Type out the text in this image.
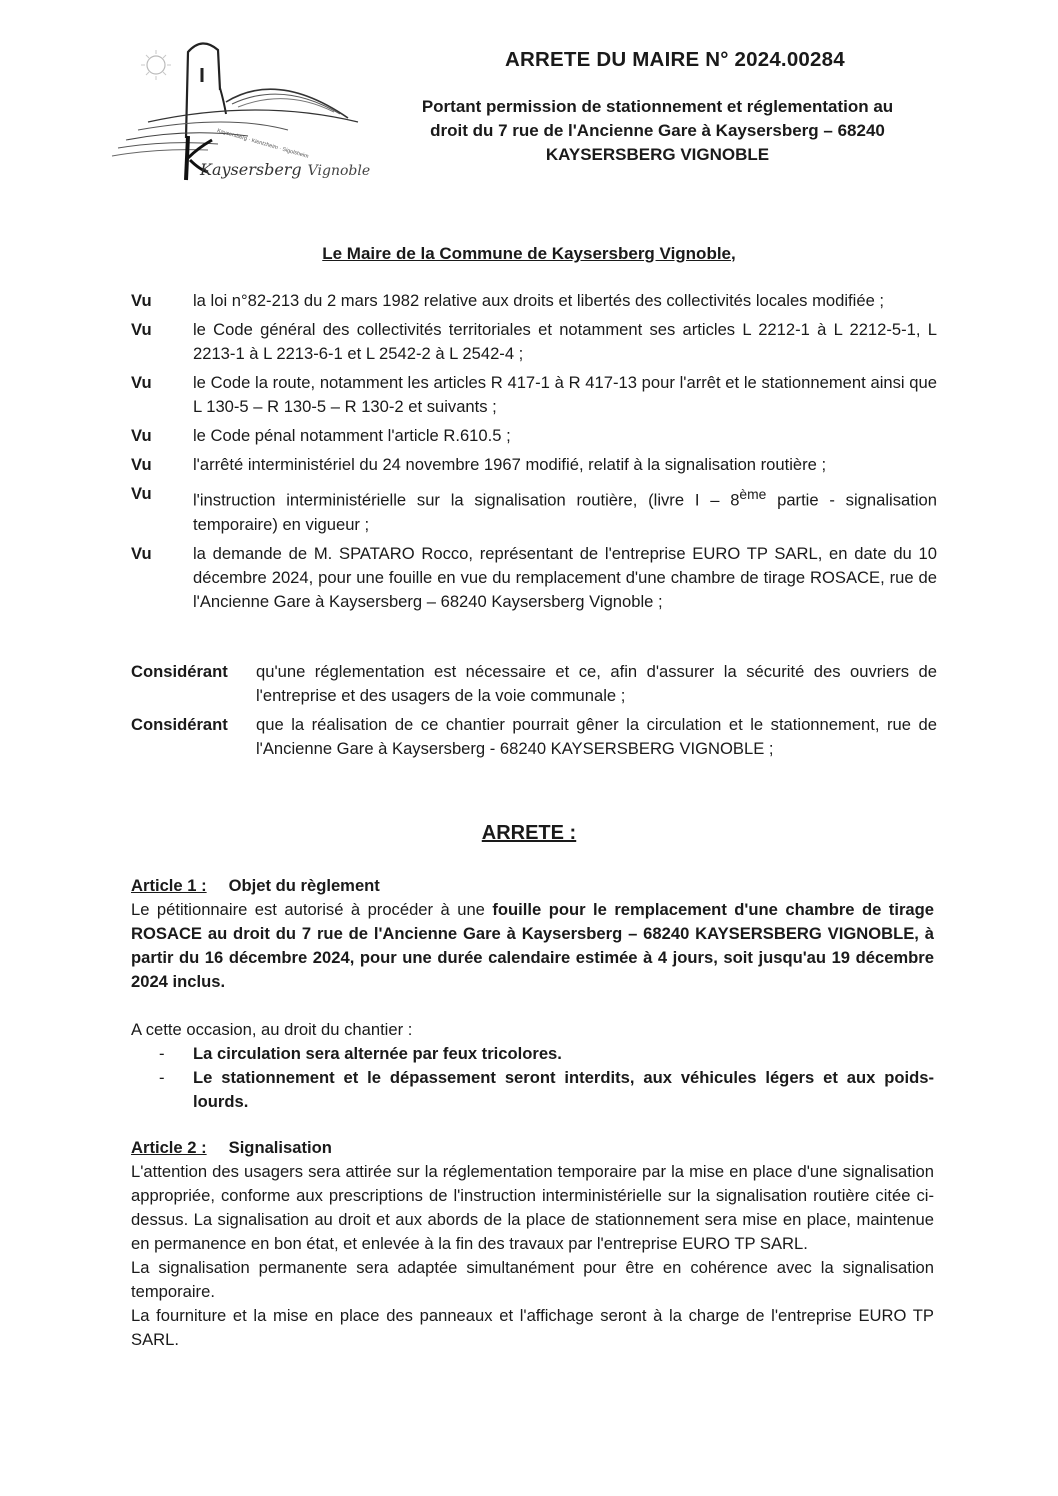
Kaysersberg · Kientzheim · Sigolsheim
Kaysersberg Vignoble
ARRETE DU MAIRE N° 2024.00284
Portant permission de stationnement et réglementation au
droit du 7 rue de l'Ancienne Gare à Kaysersberg – 68240
KAYSERSBERG VIGNOBLE
Le Maire de la Commune de Kaysersberg Vignoble,
Vu	la loi n°82-213 du 2 mars 1982 relative aux droits et libertés des collectivités locales modifiée ;
Vu	le Code général des collectivités territoriales et notamment ses articles L 2212-1 à L 2212-5-1, L 2213-1 à L 2213-6-1 et L 2542-2 à L 2542-4 ;
Vu	le Code la route, notamment les articles R 417-1 à R 417-13 pour l'arrêt et le stationnement ainsi que L 130-5 – R 130-5 – R 130-2 et suivants ;
Vu	le Code pénal notamment l'article R.610.5 ;
Vu	l'arrêté interministériel du 24 novembre 1967 modifié, relatif à la signalisation routière ;
Vu	l'instruction interministérielle sur la signalisation routière, (livre I – 8ème partie - signalisation temporaire) en vigueur ;
Vu	la demande de M. SPATARO Rocco, représentant de l'entreprise EURO TP SARL, en date du 10 décembre 2024, pour une fouille en vue du remplacement d'une chambre de tirage ROSACE, rue de l'Ancienne Gare à Kaysersberg – 68240 Kaysersberg Vignoble ;
Considérant	qu'une réglementation est nécessaire et ce, afin d'assurer la sécurité des ouvriers de l'entreprise et des usagers de la voie communale ;
Considérant	que la réalisation de ce chantier pourrait gêner la circulation et le stationnement, rue de l'Ancienne Gare à Kaysersberg - 68240 KAYSERSBERG VIGNOBLE ;
ARRETE :
Article 1 : Objet du règlement
Le pétitionnaire est autorisé à procéder à une fouille pour le remplacement d'une chambre de tirage ROSACE au droit du 7 rue de l'Ancienne Gare à Kaysersberg – 68240 KAYSERSBERG VIGNOBLE, à partir du 16 décembre 2024, pour une durée calendaire estimée à 4 jours, soit jusqu'au 19 décembre 2024 inclus.
A cette occasion, au droit du chantier :
-	La circulation sera alternée par feux tricolores.
-	Le stationnement et le dépassement seront interdits, aux véhicules légers et aux poids-lourds.
Article 2 : Signalisation
L'attention des usagers sera attirée sur la réglementation temporaire par la mise en place d'une signalisation appropriée, conforme aux prescriptions de l'instruction interministérielle sur la signalisation routière citée ci-dessus. La signalisation au droit et aux abords de la place de stationnement sera mise en place, maintenue en permanence en bon état, et enlevée à la fin des travaux par l'entreprise EURO TP SARL.
La signalisation permanente sera adaptée simultanément pour être en cohérence avec la signalisation temporaire.
La fourniture et la mise en place des panneaux et l'affichage seront à la charge de l'entreprise EURO TP SARL.
